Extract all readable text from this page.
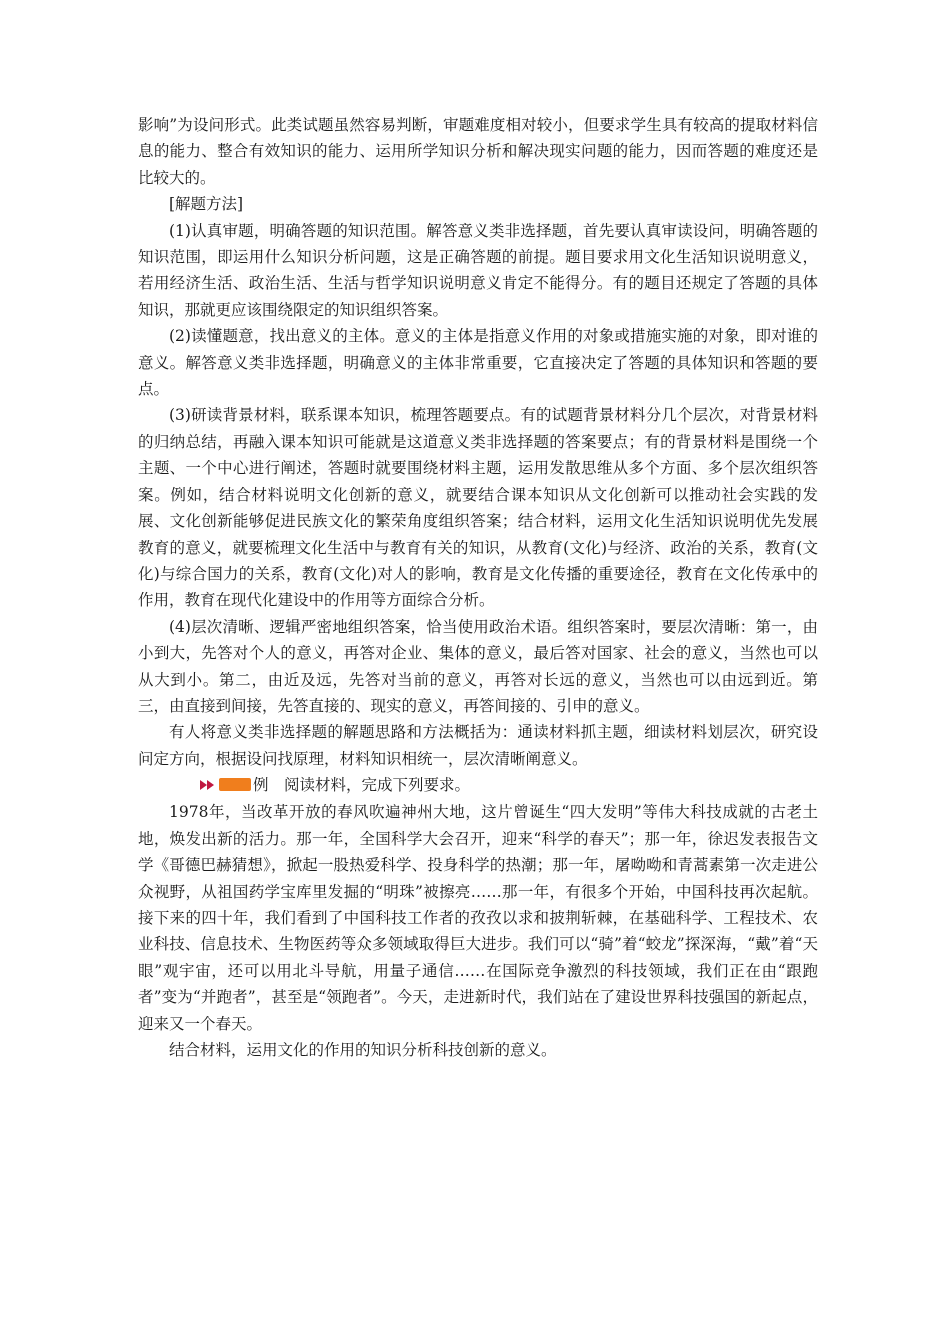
影响”为设问形式。此类试题虽然容易判断，审题难度相对较小，但要求学生具有较高的提取材料信息的能力、整合有效知识的能力、运用所学知识分析和解决现实问题的能力，因而答题的难度还是比较大的。

[解题方法]

(1)认真审题，明确答题的知识范围。解答意义类非选择题，首先要认真审读设问，明确答题的知识范围，即运用什么知识分析问题，这是正确答题的前提。题目要求用文化生活知识说明意义，若用经济生活、政治生活、生活与哲学知识说明意义肯定不能得分。有的题目还规定了答题的具体知识，那就更应该围绕限定的知识组织答案。

(2)读懂题意，找出意义的主体。意义的主体是指意义作用的对象或措施实施的对象，即对谁的意义。解答意义类非选择题，明确意义的主体非常重要，它直接决定了答题的具体知识和答题的要点。

(3)研读背景材料，联系课本知识，梳理答题要点。有的试题背景材料分几个层次，对背景材料的归纳总结，再融入课本知识可能就是这道意义类非选择题的答案要点；有的背景材料是围绕一个主题、一个中心进行阐述，答题时就要围绕材料主题，运用发散思维从多个方面、多个层次组织答案。例如，结合材料说明文化创新的意义，就要结合课本知识从文化创新可以推动社会实践的发展、文化创新能够促进民族文化的繁荣角度组织答案；结合材料，运用文化生活知识说明优先发展教育的意义，就要梳理文化生活中与教育有关的知识，从教育(文化)与经济、政治的关系，教育(文化)与综合国力的关系，教育(文化)对人的影响，教育是文化传播的重要途径，教育在文化传承中的作用，教育在现代化建设中的作用等方面综合分析。

(4)层次清晰、逻辑严密地组织答案，恰当使用政治术语。组织答案时，要层次清晰：第一，由小到大，先答对个人的意义，再答对企业、集体的意义，最后答对国家、社会的意义，当然也可以从大到小。第二，由近及远，先答对当前的意义，再答对长远的意义，当然也可以由远到近。第三，由直接到间接，先答直接的、现实的意义，再答间接的、引申的意义。

有人将意义类非选择题的解题思路和方法概括为：通读材料抓主题，细读材料划层次，研究设问定方向，根据设问找原理，材料知识相统一，层次清晰阐意义。

例　 阅读材料，完成下列要求。

1978年，当改革开放的春风吹遍神州大地，这片曾诞生“四大发明”等伟大科技成就的古老土地，焕发出新的活力。那一年，全国科学大会召开，迎来“科学的春天”；那一年，徐迟发表报告文学《哥德巴赫猜想》，掀起一股热爱科学、投身科学的热潮；那一年，屠呦呦和青蒿素第一次走进公众视野，从祖国药学宝库里发掘的“明珠”被擦亮……那一年，有很多个开始，中国科技再次起航。接下来的四十年，我们看到了中国科技工作者的孜孜以求和披荆斩棘，在基础科学、工程技术、农业科技、信息技术、生物医药等众多领域取得巨大进步。我们可以“骑”着“蛟龙”探深海，“戴”着“天眼”观宇宙，还可以用北斗导航，用量子通信……在国际竞争激烈的科技领域，我们正在由“跟跑者”变为“并跑者”，甚至是“领跑者”。今天，走进新时代，我们站在了建设世界科技强国的新起点，迎来又一个春天。

结合材料，运用文化的作用的知识分析科技创新的意义。
